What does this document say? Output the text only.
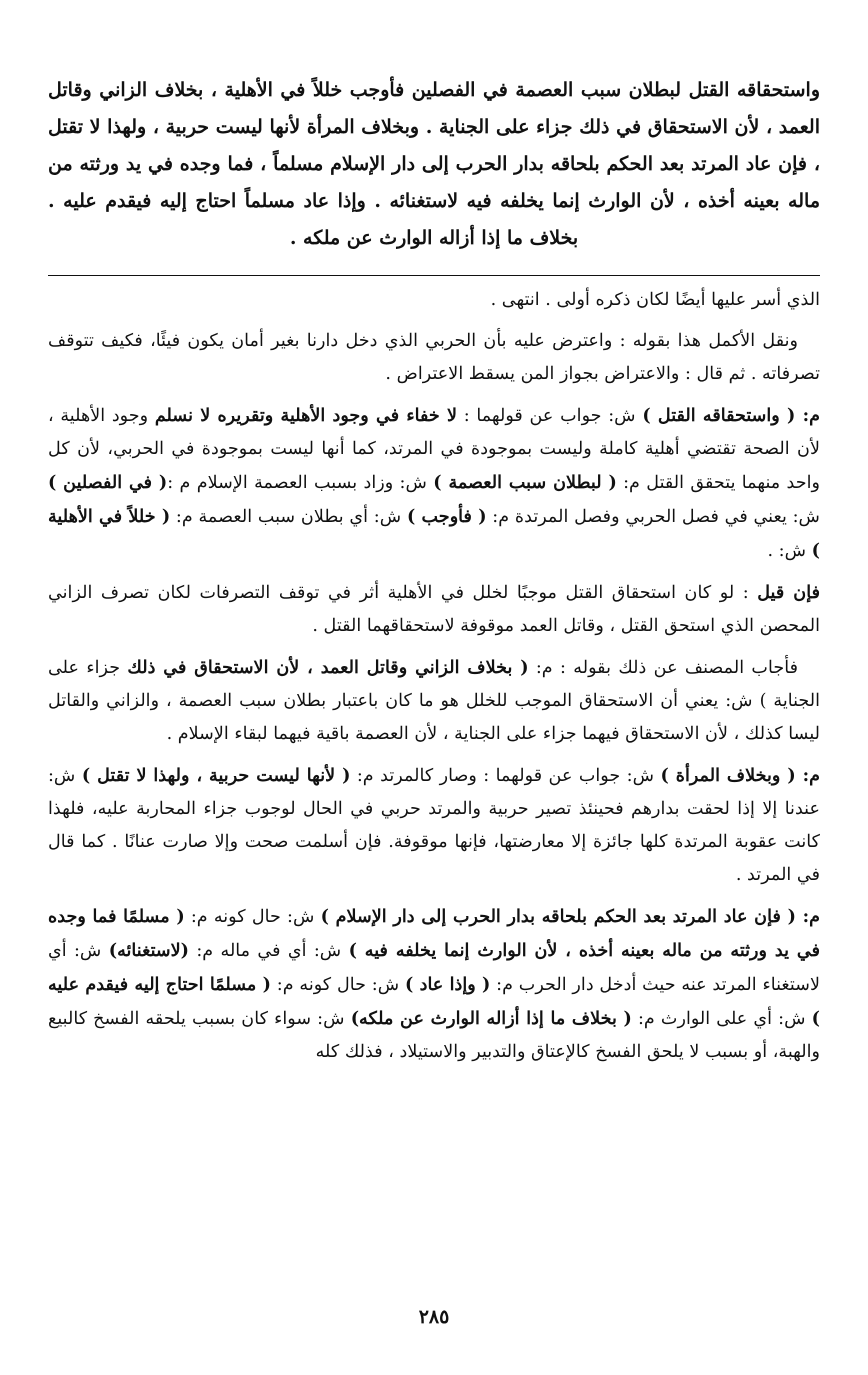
واستحقاقه القتل لبطلان سبب العصمة في الفصلين فأوجب خللاً في الأهلية ، بخلاف الزاني وقاتل العمد ، لأن الاستحقاق في ذلك جزاء على الجناية . وبخلاف المرأة لأنها ليست حربية ، ولهذا لا تقتل ، فإن عاد المرتد بعد الحكم بلحاقه بدار الحرب إلى دار الإسلام مسلماً ، فما وجده في يد ورثته من ماله بعينه أخذه ، لأن الوارث إنما يخلفه فيه لاستغنائه . وإذا عاد مسلماً احتاج إليه فيقدم عليه . بخلاف ما إذا أزاله الوارث عن ملكه .

الذي أسر عليها أيضًا لكان ذكره أولى . انتهى .

ونقل الأكمل هذا بقوله : واعترض عليه بأن الحربي الذي دخل دارنا بغير أمان يكون فيئًا، فكيف تتوقف تصرفاته . ثم قال : والاعتراض بجواز المن يسقط الاعتراض .

م: ( واستحقاقه القتل ) ش: جواب عن قولهما : لا خفاء في وجود الأهلية وتقريره لا نسلم وجود الأهلية ، لأن الصحة تقتضي أهلية كاملة وليست بموجودة في المرتد، كما أنها ليست بموجودة في الحربي، لأن كل واحد منهما يتحقق القتل م: ( لبطلان سبب العصمة ) ش: وزاد بسبب العصمة الإسلام م :( في الفصلين ) ش: يعني في فصل الحربي وفصل المرتدة م: ( فأوجب ) ش: أي بطلان سبب العصمة م: ( خللاً في الأهلية ) ش: .

فإن قيل : لو كان استحقاق القتل موجبًا لخلل في الأهلية أثر في توقف التصرفات لكان تصرف الزاني المحصن الذي استحق القتل ، وقاتل العمد موقوفة لاستحقاقهما القتل .

فأجاب المصنف عن ذلك بقوله : م: ( بخلاف الزاني وقاتل العمد ، لأن الاستحقاق في ذلك جزاء على الجناية ) ش: يعني أن الاستحقاق الموجب للخلل هو ما كان باعتبار بطلان سبب العصمة ، والزاني والقاتل ليسا كذلك ، لأن الاستحقاق فيهما جزاء على الجناية ، لأن العصمة باقية فيهما لبقاء الإسلام .

م: ( وبخلاف المرأة ) ش: جواب عن قولهما : وصار كالمرتد م: ( لأنها ليست حربية ، ولهذا لا تقتل ) ش: عندنا إلا إذا لحقت بدارهم فحينئذ تصير حربية والمرتد حربي في الحال لوجوب جزاء المحاربة عليه، فلهذا كانت عقوبة المرتدة كلها جائزة إلا معارضتها، فإنها موقوفة. فإن أسلمت صحت وإلا صارت عنانًا . كما قال في المرتد .

م: ( فإن عاد المرتد بعد الحكم بلحاقه بدار الحرب إلى دار الإسلام ) ش: حال كونه م: ( مسلمًا فما وجده في يد ورثته من ماله بعينه أخذه ، لأن الوارث إنما يخلفه فيه ) ش: أي في ماله م: (لاستغنائه) ش: أي لاستغناء المرتد عنه حيث أدخل دار الحرب م: ( وإذا عاد ) ش: حال كونه م: ( مسلمًا احتاج إليه فيقدم عليه ) ش: أي على الوارث م: ( بخلاف ما إذا أزاله الوارث عن ملكه) ش: سواء كان بسبب يلحقه الفسخ كالبيع والهبة، أو بسبب لا يلحق الفسخ كالإعتاق والتدبير والاستيلاد ، فذلك كله

٢٨٥
